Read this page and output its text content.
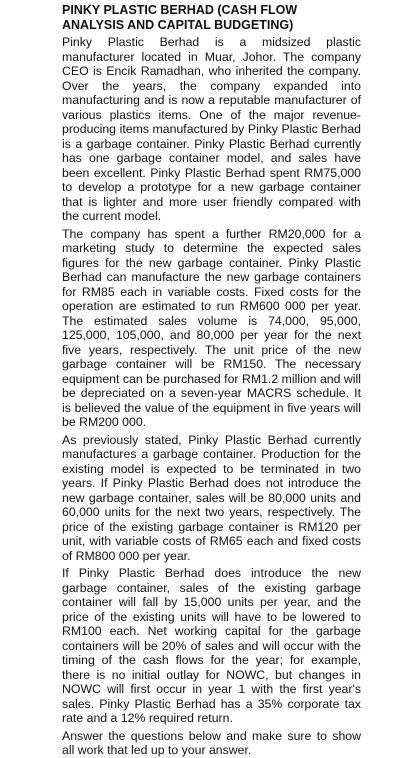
PINKY PLASTIC BERHAD (CASH FLOW ANALYSIS AND CAPITAL BUDGETING)

Pinky Plastic Berhad is a midsized plastic manufacturer located in Muar, Johor. The company CEO is Encik Ramadhan, who inherited the company. Over the years, the company expanded into manufacturing and is now a reputable manufacturer of various plastics items. One of the major revenue-producing items manufactured by Pinky Plastic Berhad is a garbage container. Pinky Plastic Berhad currently has one garbage container model, and sales have been excellent. Pinky Plastic Berhad spent RM75,000 to develop a prototype for a new garbage container that is lighter and more user friendly compared with the current model.

The company has spent a further RM20,000 for a marketing study to determine the expected sales figures for the new garbage container. Pinky Plastic Berhad can manufacture the new garbage containers for RM85 each in variable costs. Fixed costs for the operation are estimated to run RM600 000 per year. The estimated sales volume is 74,000, 95,000, 125,000, 105,000, and 80,000 per year for the next five years, respectively. The unit price of the new garbage container will be RM150. The necessary equipment can be purchased for RM1.2 million and will be depreciated on a seven-year MACRS schedule. It is believed the value of the equipment in five years will be RM200 000.

As previously stated, Pinky Plastic Berhad currently manufactures a garbage container. Production for the existing model is expected to be terminated in two years. If Pinky Plastic Berhad does not introduce the new garbage container, sales will be 80,000 units and 60,000 units for the next two years, respectively. The price of the existing garbage container is RM120 per unit, with variable costs of RM65 each and fixed costs of RM800 000 per year.

If Pinky Plastic Berhad does introduce the new garbage container, sales of the existing garbage container will fall by 15,000 units per year, and the price of the existing units will have to be lowered to RM100 each. Net working capital for the garbage containers will be 20% of sales and will occur with the timing of the cash flows for the year; for example, there is no initial outlay for NOWC, but changes in NOWC will first occur in year 1 with the first year's sales. Pinky Plastic Berhad has a 35% corporate tax rate and a 12% required return.

Answer the questions below and make sure to show all work that led up to your answer.
